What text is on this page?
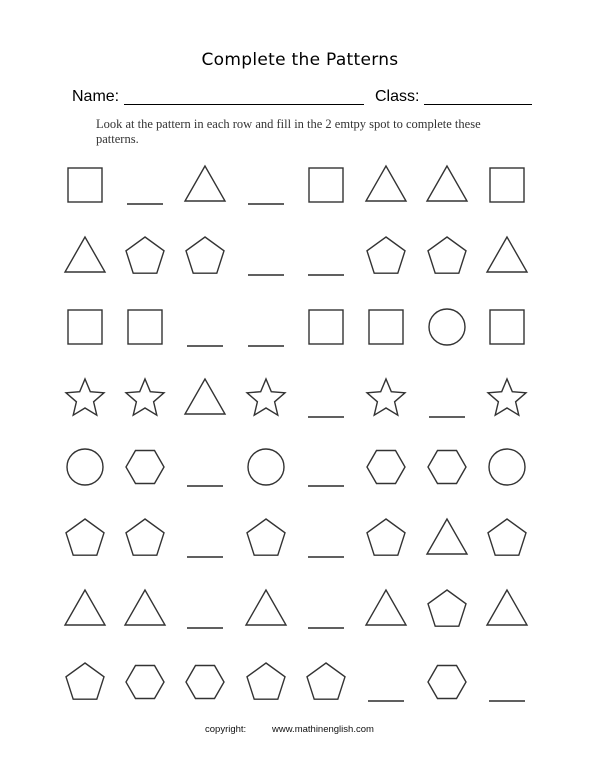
Complete the Patterns
Name:	Class:
Look at the pattern in each row and fill in the 2 emtpy spot to complete these patterns.
copyright:	www.mathinenglish.com
